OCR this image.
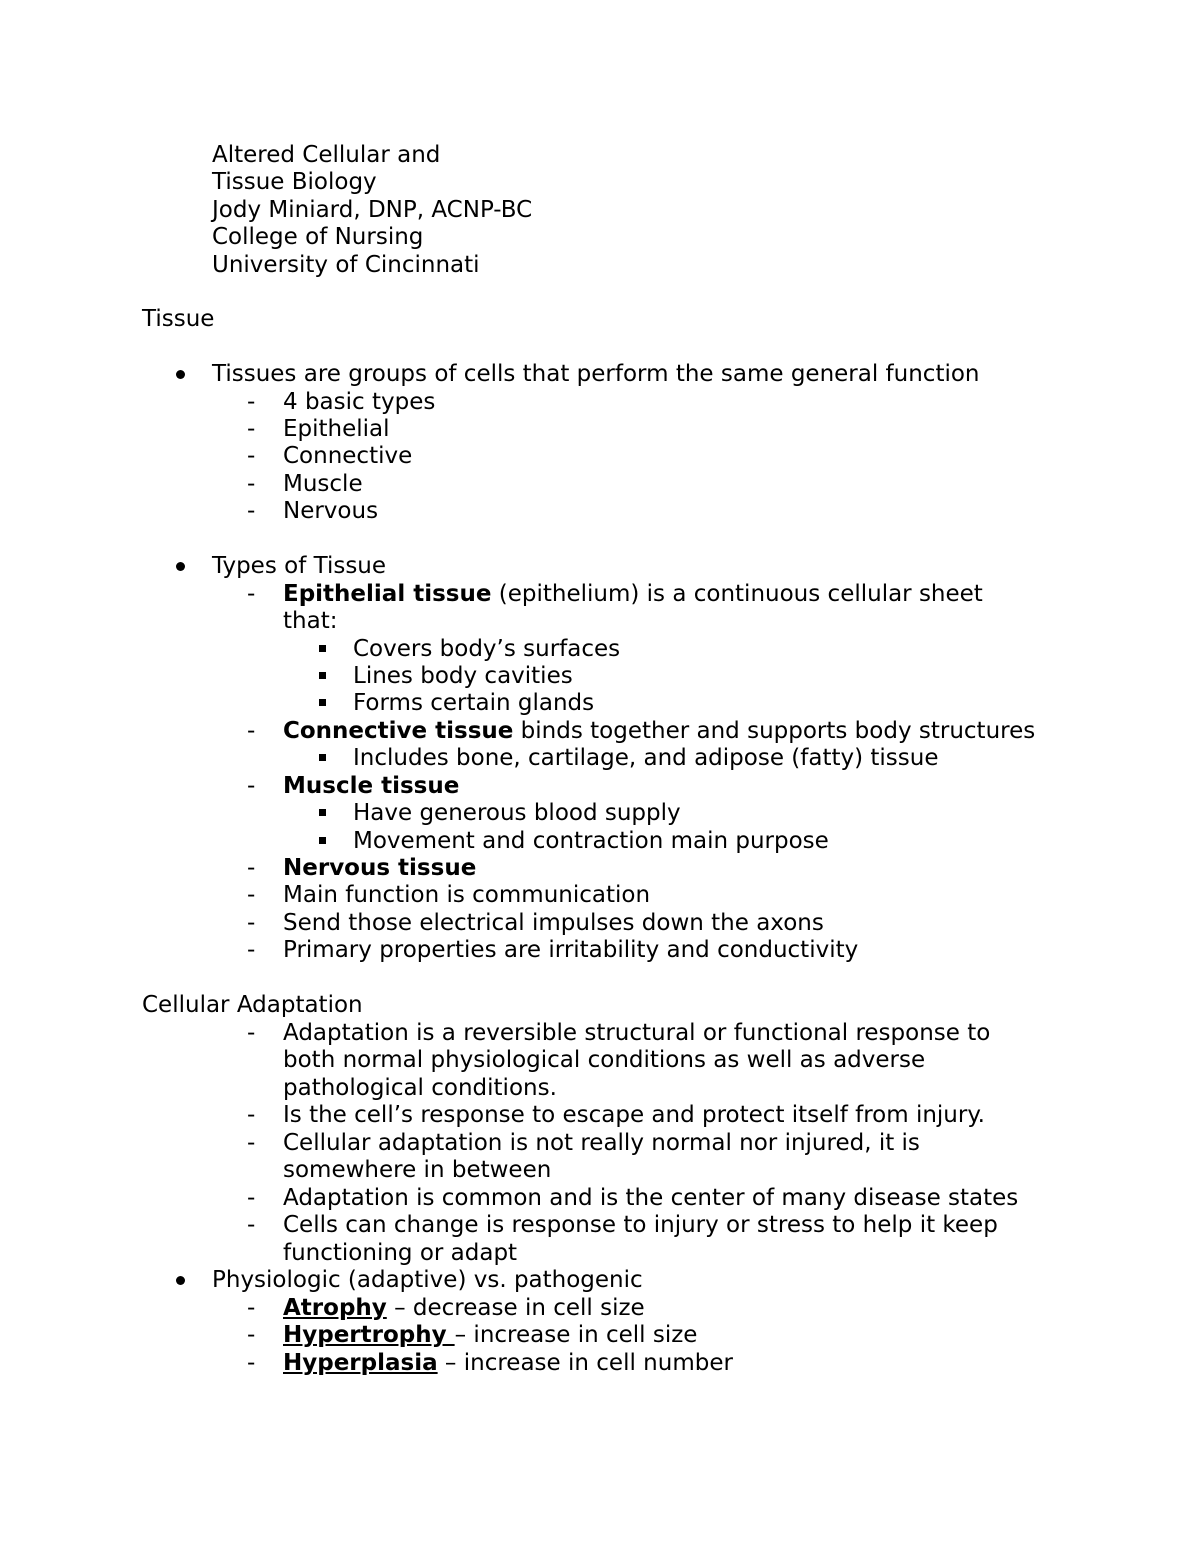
Altered Cellular and
Tissue Biology
Jody Miniard, DNP, ACNP-BC
College of Nursing
University of Cincinnati
Tissue
Tissues are groups of cells that perform the same general function
- 4 basic types
- Epithelial
- Connective
- Muscle
- Nervous
Types of Tissue
- Epithelial tissue (epithelium) is a continuous cellular sheet
that:
Covers body’s surfaces
Lines body cavities
Forms certain glands
- Connective tissue binds together and supports body structures
Includes bone, cartilage, and adipose (fatty) tissue
- Muscle tissue
Have generous blood supply
Movement and contraction main purpose
- Nervous tissue
- Main function is communication
- Send those electrical impulses down the axons
- Primary properties are irritability and conductivity
Cellular Adaptation
- Adaptation is a reversible structural or functional response to
both normal physiological conditions as well as adverse
pathological conditions.
- Is the cell’s response to escape and protect itself from injury.
- Cellular adaptation is not really normal nor injured, it is
somewhere in between
- Adaptation is common and is the center of many disease states
- Cells can change is response to injury or stress to help it keep
functioning or adapt
Physiologic (adaptive) vs. pathogenic
- Atrophy – decrease in cell size
- Hypertrophy – increase in cell size
- Hyperplasia – increase in cell number
